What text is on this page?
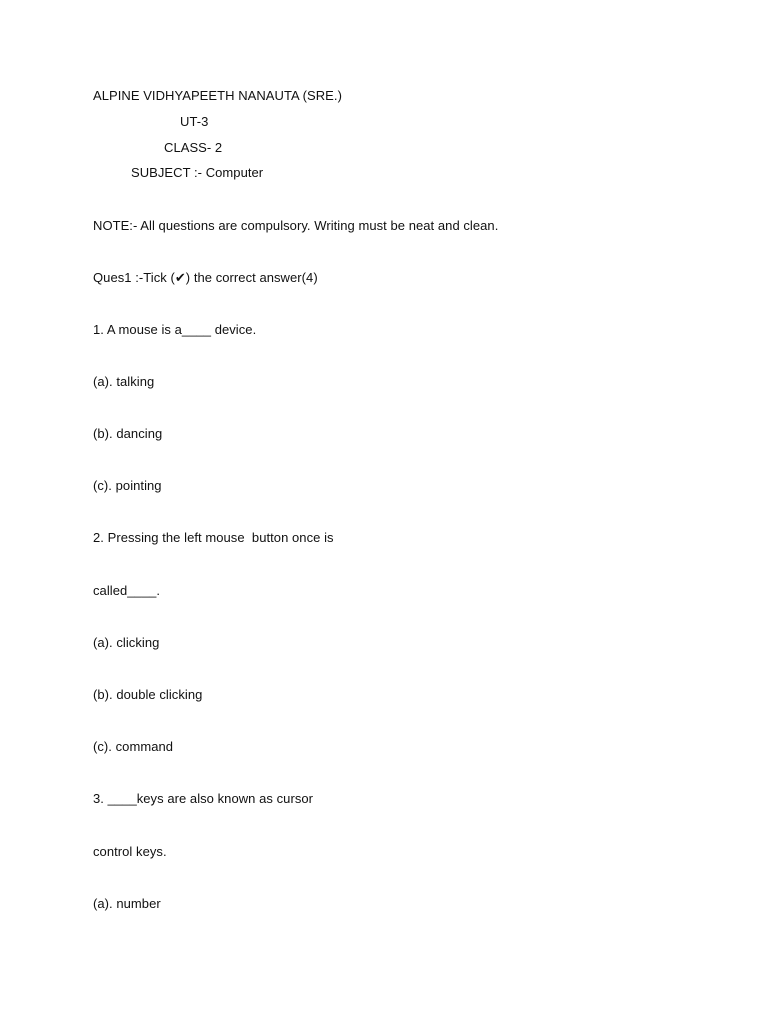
ALPINE VIDHYAPEETH NANAUTA (SRE.)
UT-3
CLASS- 2
SUBJECT :- Computer
NOTE:- All questions are compulsory. Writing must be neat and clean.
Ques1 :-Tick (✔) the correct answer(4)
1. A mouse is a____ device.
(a). talking
(b). dancing
(c). pointing
2. Pressing the left mouse  button once is
called____.
(a). clicking
(b). double clicking
(c). command
3. ____keys are also known as cursor
control keys.
(a). number
